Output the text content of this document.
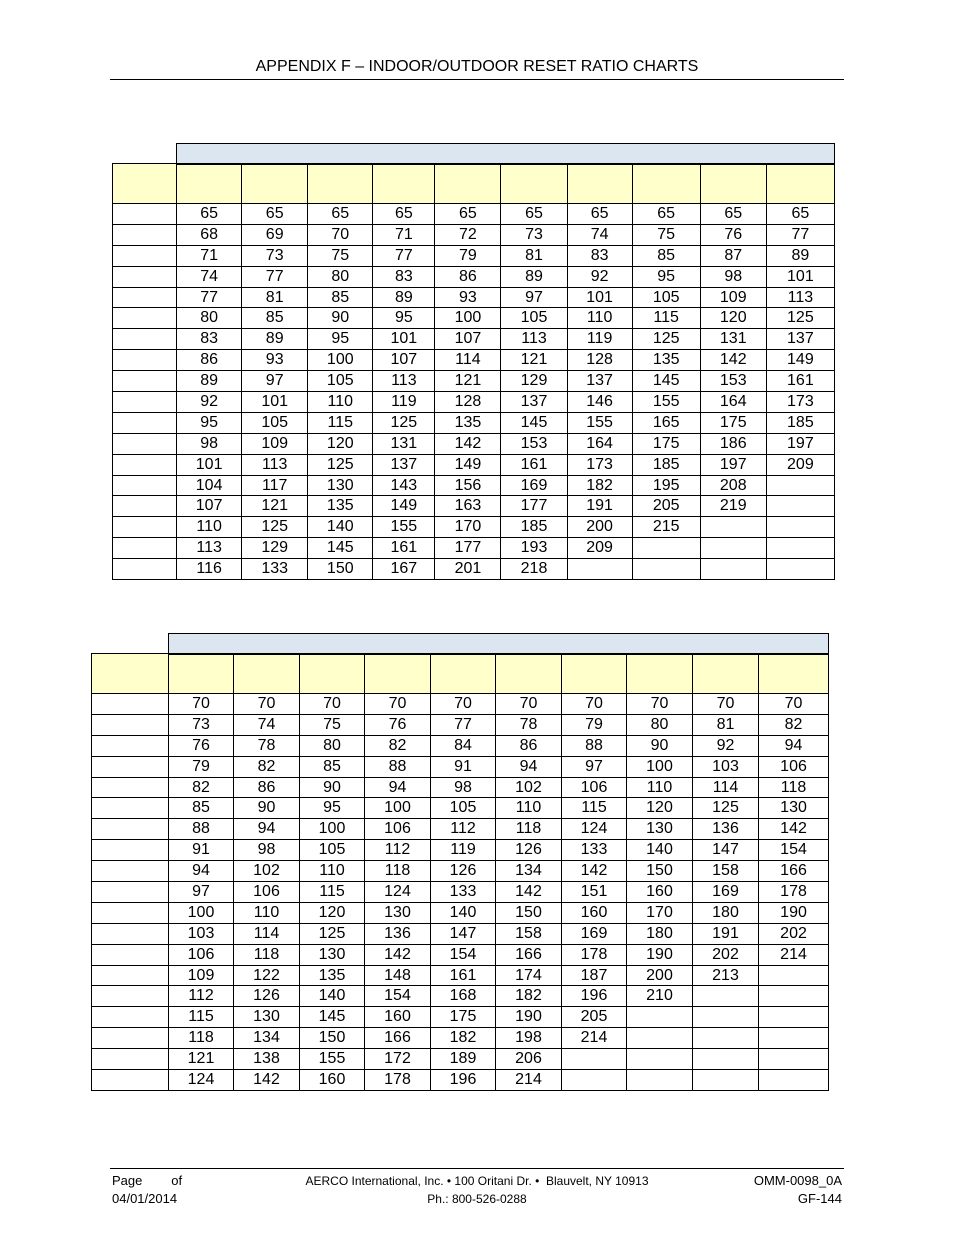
APPENDIX F – INDOOR/OUTDOOR RESET RATIO CHARTS

	65	65	65	65	65	65	65	65	65	65
	68	69	70	71	72	73	74	75	76	77
	71	73	75	77	79	81	83	85	87	89
	74	77	80	83	86	89	92	95	98	101
	77	81	85	89	93	97	101	105	109	113
	80	85	90	95	100	105	110	115	120	125
	83	89	95	101	107	113	119	125	131	137
	86	93	100	107	114	121	128	135	142	149
	89	97	105	113	121	129	137	145	153	161
	92	101	110	119	128	137	146	155	164	173
	95	105	115	125	135	145	155	165	175	185
	98	109	120	131	142	153	164	175	186	197
	101	113	125	137	149	161	173	185	197	209
	104	117	130	143	156	169	182	195	208	
	107	121	135	149	163	177	191	205	219	
	110	125	140	155	170	185	200	215		
	113	129	145	161	177	193	209			
	116	133	150	167	201	218				

	70	70	70	70	70	70	70	70	70	70
	73	74	75	76	77	78	79	80	81	82
	76	78	80	82	84	86	88	90	92	94
	79	82	85	88	91	94	97	100	103	106
	82	86	90	94	98	102	106	110	114	118
	85	90	95	100	105	110	115	120	125	130
	88	94	100	106	112	118	124	130	136	142
	91	98	105	112	119	126	133	140	147	154
	94	102	110	118	126	134	142	150	158	166
	97	106	115	124	133	142	151	160	169	178
	100	110	120	130	140	150	160	170	180	190
	103	114	125	136	147	158	169	180	191	202
	106	118	130	142	154	166	178	190	202	214
	109	122	135	148	161	174	187	200	213	
	112	126	140	154	168	182	196	210		
	115	130	145	160	175	190	205			
	118	134	150	166	182	198	214			
	121	138	155	172	189	206				
	124	142	160	178	196	214				
Page of
04/01/2014
AERCO International, Inc. • 100 Oritani Dr. •  Blauvelt, NY 10913
Ph.: 800-526-0288
OMM-0098_0A
GF-144
